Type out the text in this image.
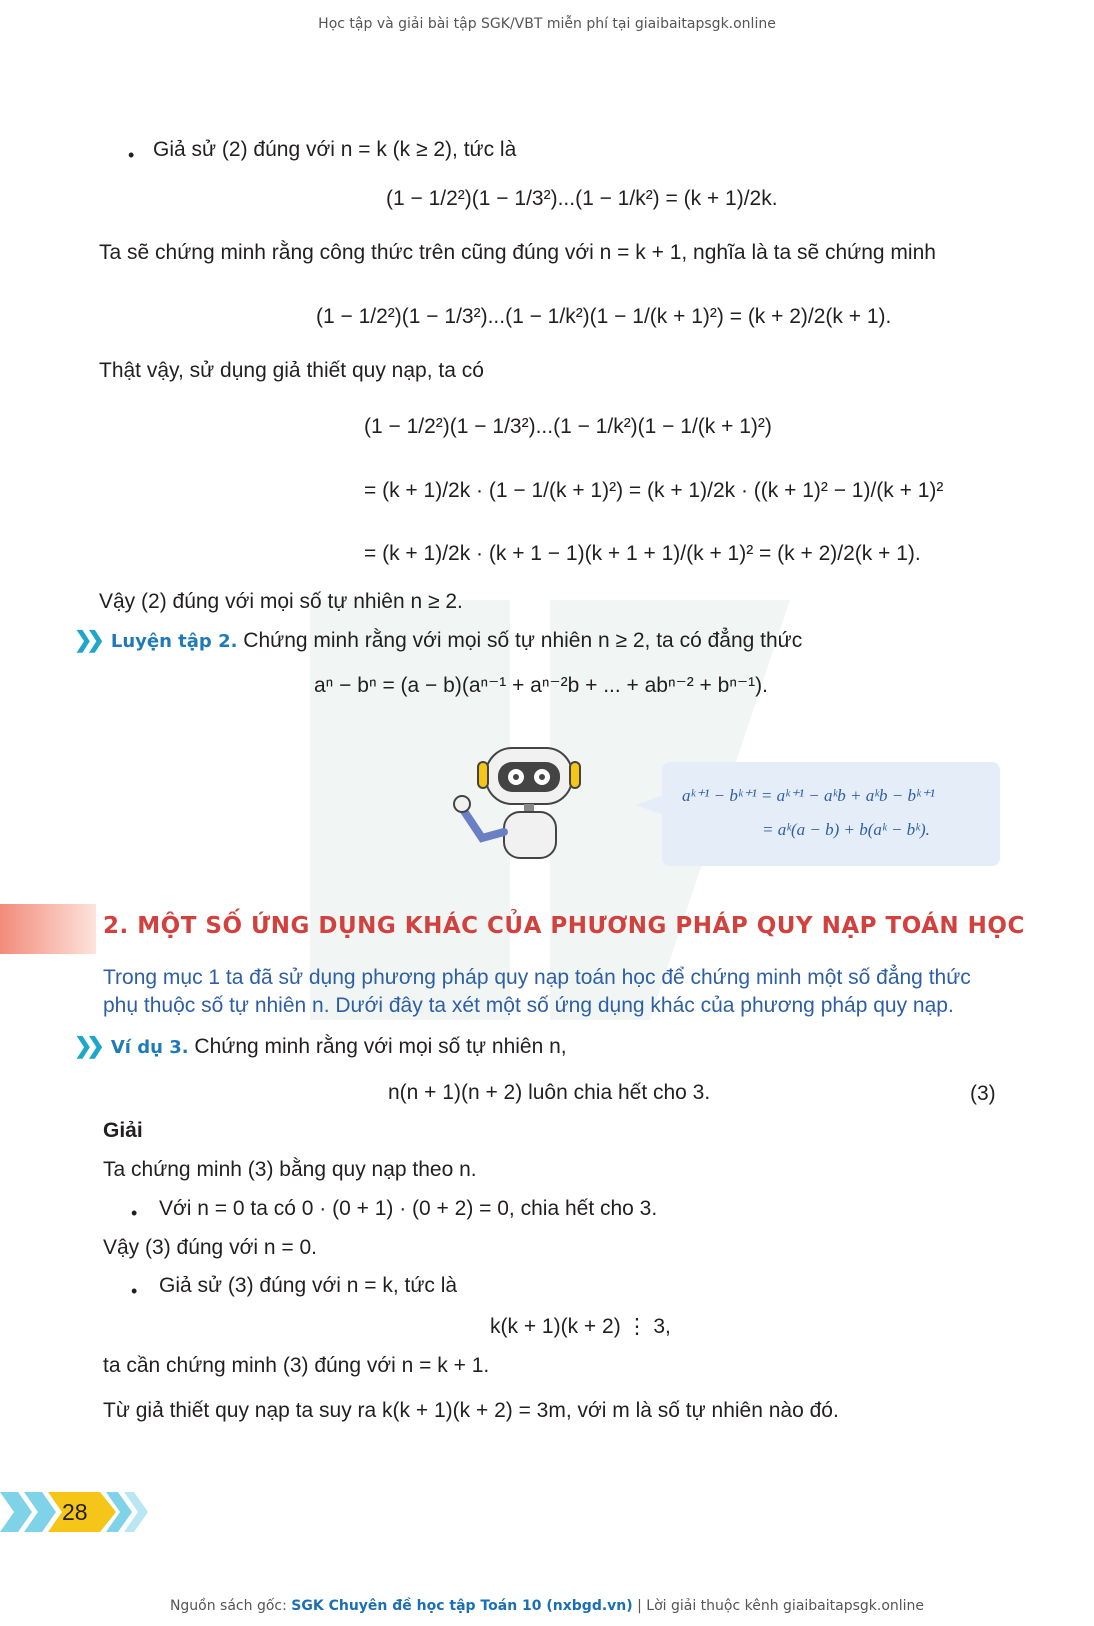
Học tập và giải bài tập SGK/VBT miễn phí tại giaibaitapsgk.online
• Giả sử (2) đúng với n = k (k ≥ 2), tức là
(1 − 1/2²)(1 − 1/3²)...(1 − 1/k²) = (k + 1)/2k.
Ta sẽ chứng minh rằng công thức trên cũng đúng với n = k + 1, nghĩa là ta sẽ chứng minh
(1 − 1/2²)(1 − 1/3²)...(1 − 1/k²)(1 − 1/(k + 1)²) = (k + 2)/2(k + 1).
Thật vậy, sử dụng giả thiết quy nạp, ta có
(1 − 1/2²)(1 − 1/3²)...(1 − 1/k²)(1 − 1/(k + 1)²)
= (k + 1)/2k · (1 − 1/(k + 1)²) = (k + 1)/2k · ((k + 1)² − 1)/(k + 1)²
= (k + 1)/2k · (k + 1 − 1)(k + 1 + 1)/(k + 1)² = (k + 2)/2(k + 1).
Vậy (2) đúng với mọi số tự nhiên n ≥ 2.
❯❯ Luyện tập 2. Chứng minh rằng với mọi số tự nhiên n ≥ 2, ta có đẳng thức
aⁿ − bⁿ = (a − b)(aⁿ⁻¹ + aⁿ⁻²b + ... + abⁿ⁻² + bⁿ⁻¹).
aᵏ⁺¹ − bᵏ⁺¹ = aᵏ⁺¹ − aᵏb + aᵏb − bᵏ⁺¹
= aᵏ(a − b) + b(aᵏ − bᵏ).
2. MỘT SỐ ỨNG DỤNG KHÁC CỦA PHƯƠNG PHÁP QUY NẠP TOÁN HỌC
Trong mục 1 ta đã sử dụng phương pháp quy nạp toán học để chứng minh một số đẳng thức
phụ thuộc số tự nhiên n. Dưới đây ta xét một số ứng dụng khác của phương pháp quy nạp.
❯❯ Ví dụ 3. Chứng minh rằng với mọi số tự nhiên n,
n(n + 1)(n + 2) luôn chia hết cho 3.	(3)
Giải
Ta chứng minh (3) bằng quy nạp theo n.
• Với n = 0 ta có 0 · (0 + 1) · (0 + 2) = 0, chia hết cho 3.
Vậy (3) đúng với n = 0.
• Giả sử (3) đúng với n = k, tức là
k(k + 1)(k + 2) ⋮ 3,
ta cần chứng minh (3) đúng với n = k + 1.
Từ giả thiết quy nạp ta suy ra k(k + 1)(k + 2) = 3m, với m là số tự nhiên nào đó.
28
Nguồn sách gốc: SGK Chuyên đề học tập Toán 10 (nxbgd.vn) | Lời giải thuộc kênh giaibaitapsgk.online
